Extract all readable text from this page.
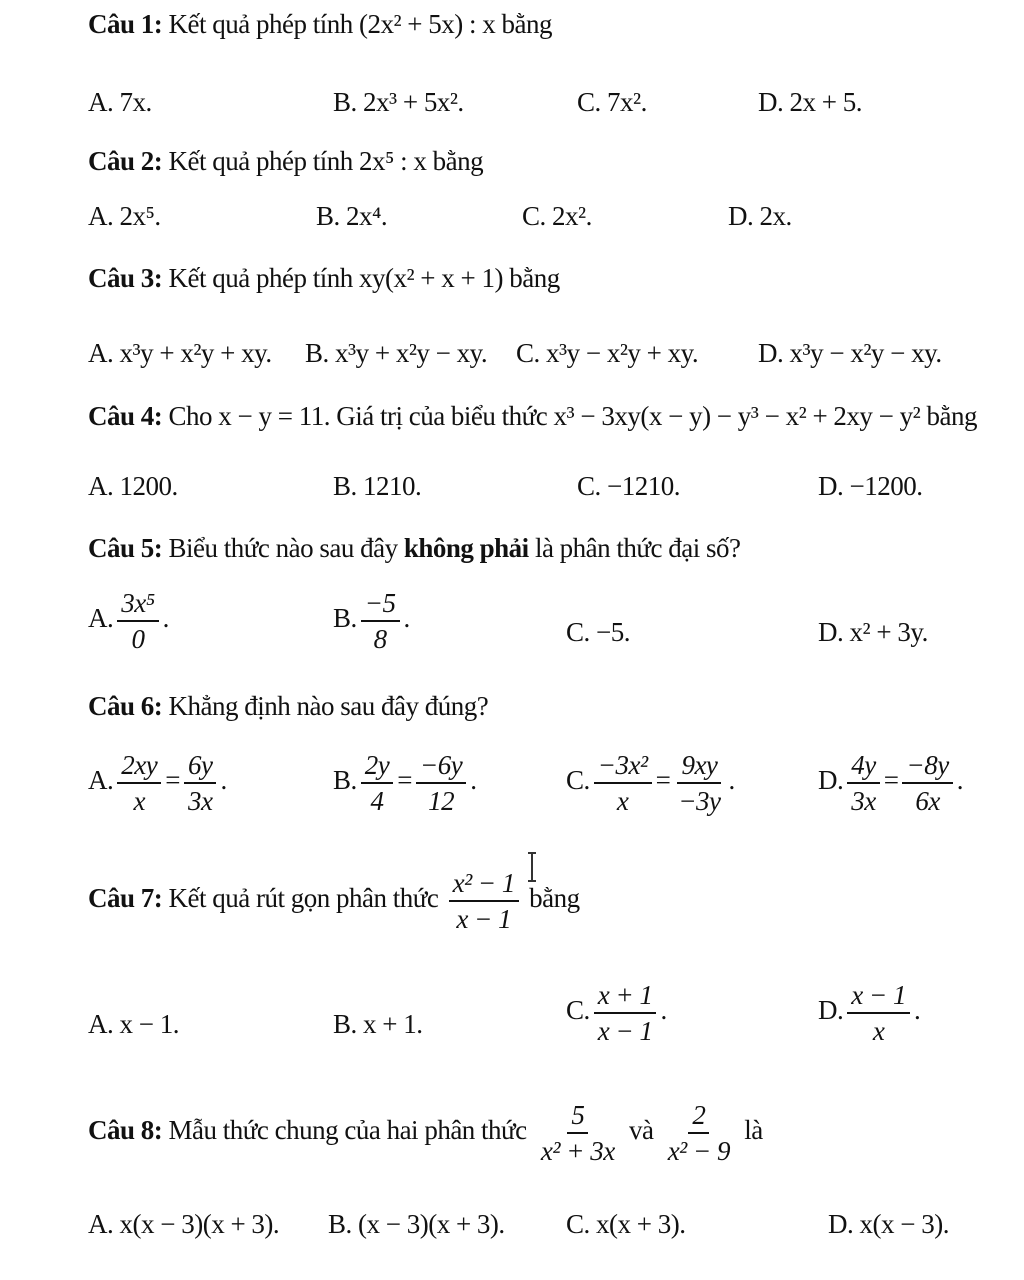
Câu 1: Kết quả phép tính (2x² + 5x) : x bằng
A. 7x.	B. 2x³ + 5x².	C. 7x².	D. 2x + 5.
Câu 2: Kết quả phép tính 2x⁵ : x bằng
A. 2x⁵.	B. 2x⁴.	C. 2x².	D. 2x.
Câu 3: Kết quả phép tính xy(x² + x + 1) bằng
A. x³y + x²y + xy. B. x³y + x²y − xy. C. x³y − x²y + xy. D. x³y − x²y − xy.
Câu 4: Cho x − y = 11. Giá trị của biểu thức x³ − 3xy(x − y) − y³ − x² + 2xy − y² bằng
A. 1200.	B. 1210.	C. −1210.	D. −1200.
Câu 5: Biểu thức nào sau đây không phải là phân thức đại số?
A. $\frac{\text{3x⁵}}{0}$ .	B. $\frac{-5}{8}$ .	C. −5.	D. x² + 3y.
Câu 6: Khẳng định nào sau đây đúng?
A. $\frac{2xy}{x} = \frac{6y}{3x}$ .	B. $\frac{2y}{4} = \frac{-6y}{12}$ .	C. $\frac{\text{−3x²}}{x} = \frac{9xy}{-3y}$ .	D. $\frac{4y}{3x} = \frac{-8y}{6x}$ .
Câu 7: Kết quả rút gọn phân thức $\frac{\text{x² − 1}}{x - 1}$ bằng
A. x − 1.	B. x + 1.	C. $\frac{x + 1}{x - 1}$ .	D. $\frac{x - 1}{x}$ .
Câu 8: Mẫu thức chung của hai phân thức $\frac{5}{\text{x² + 3x}}$ và $\frac{2}{\text{x² − 9}}$ là
A. x(x − 3)(x + 3). B. (x − 3)(x + 3). C. x(x + 3).	D. x(x − 3).
